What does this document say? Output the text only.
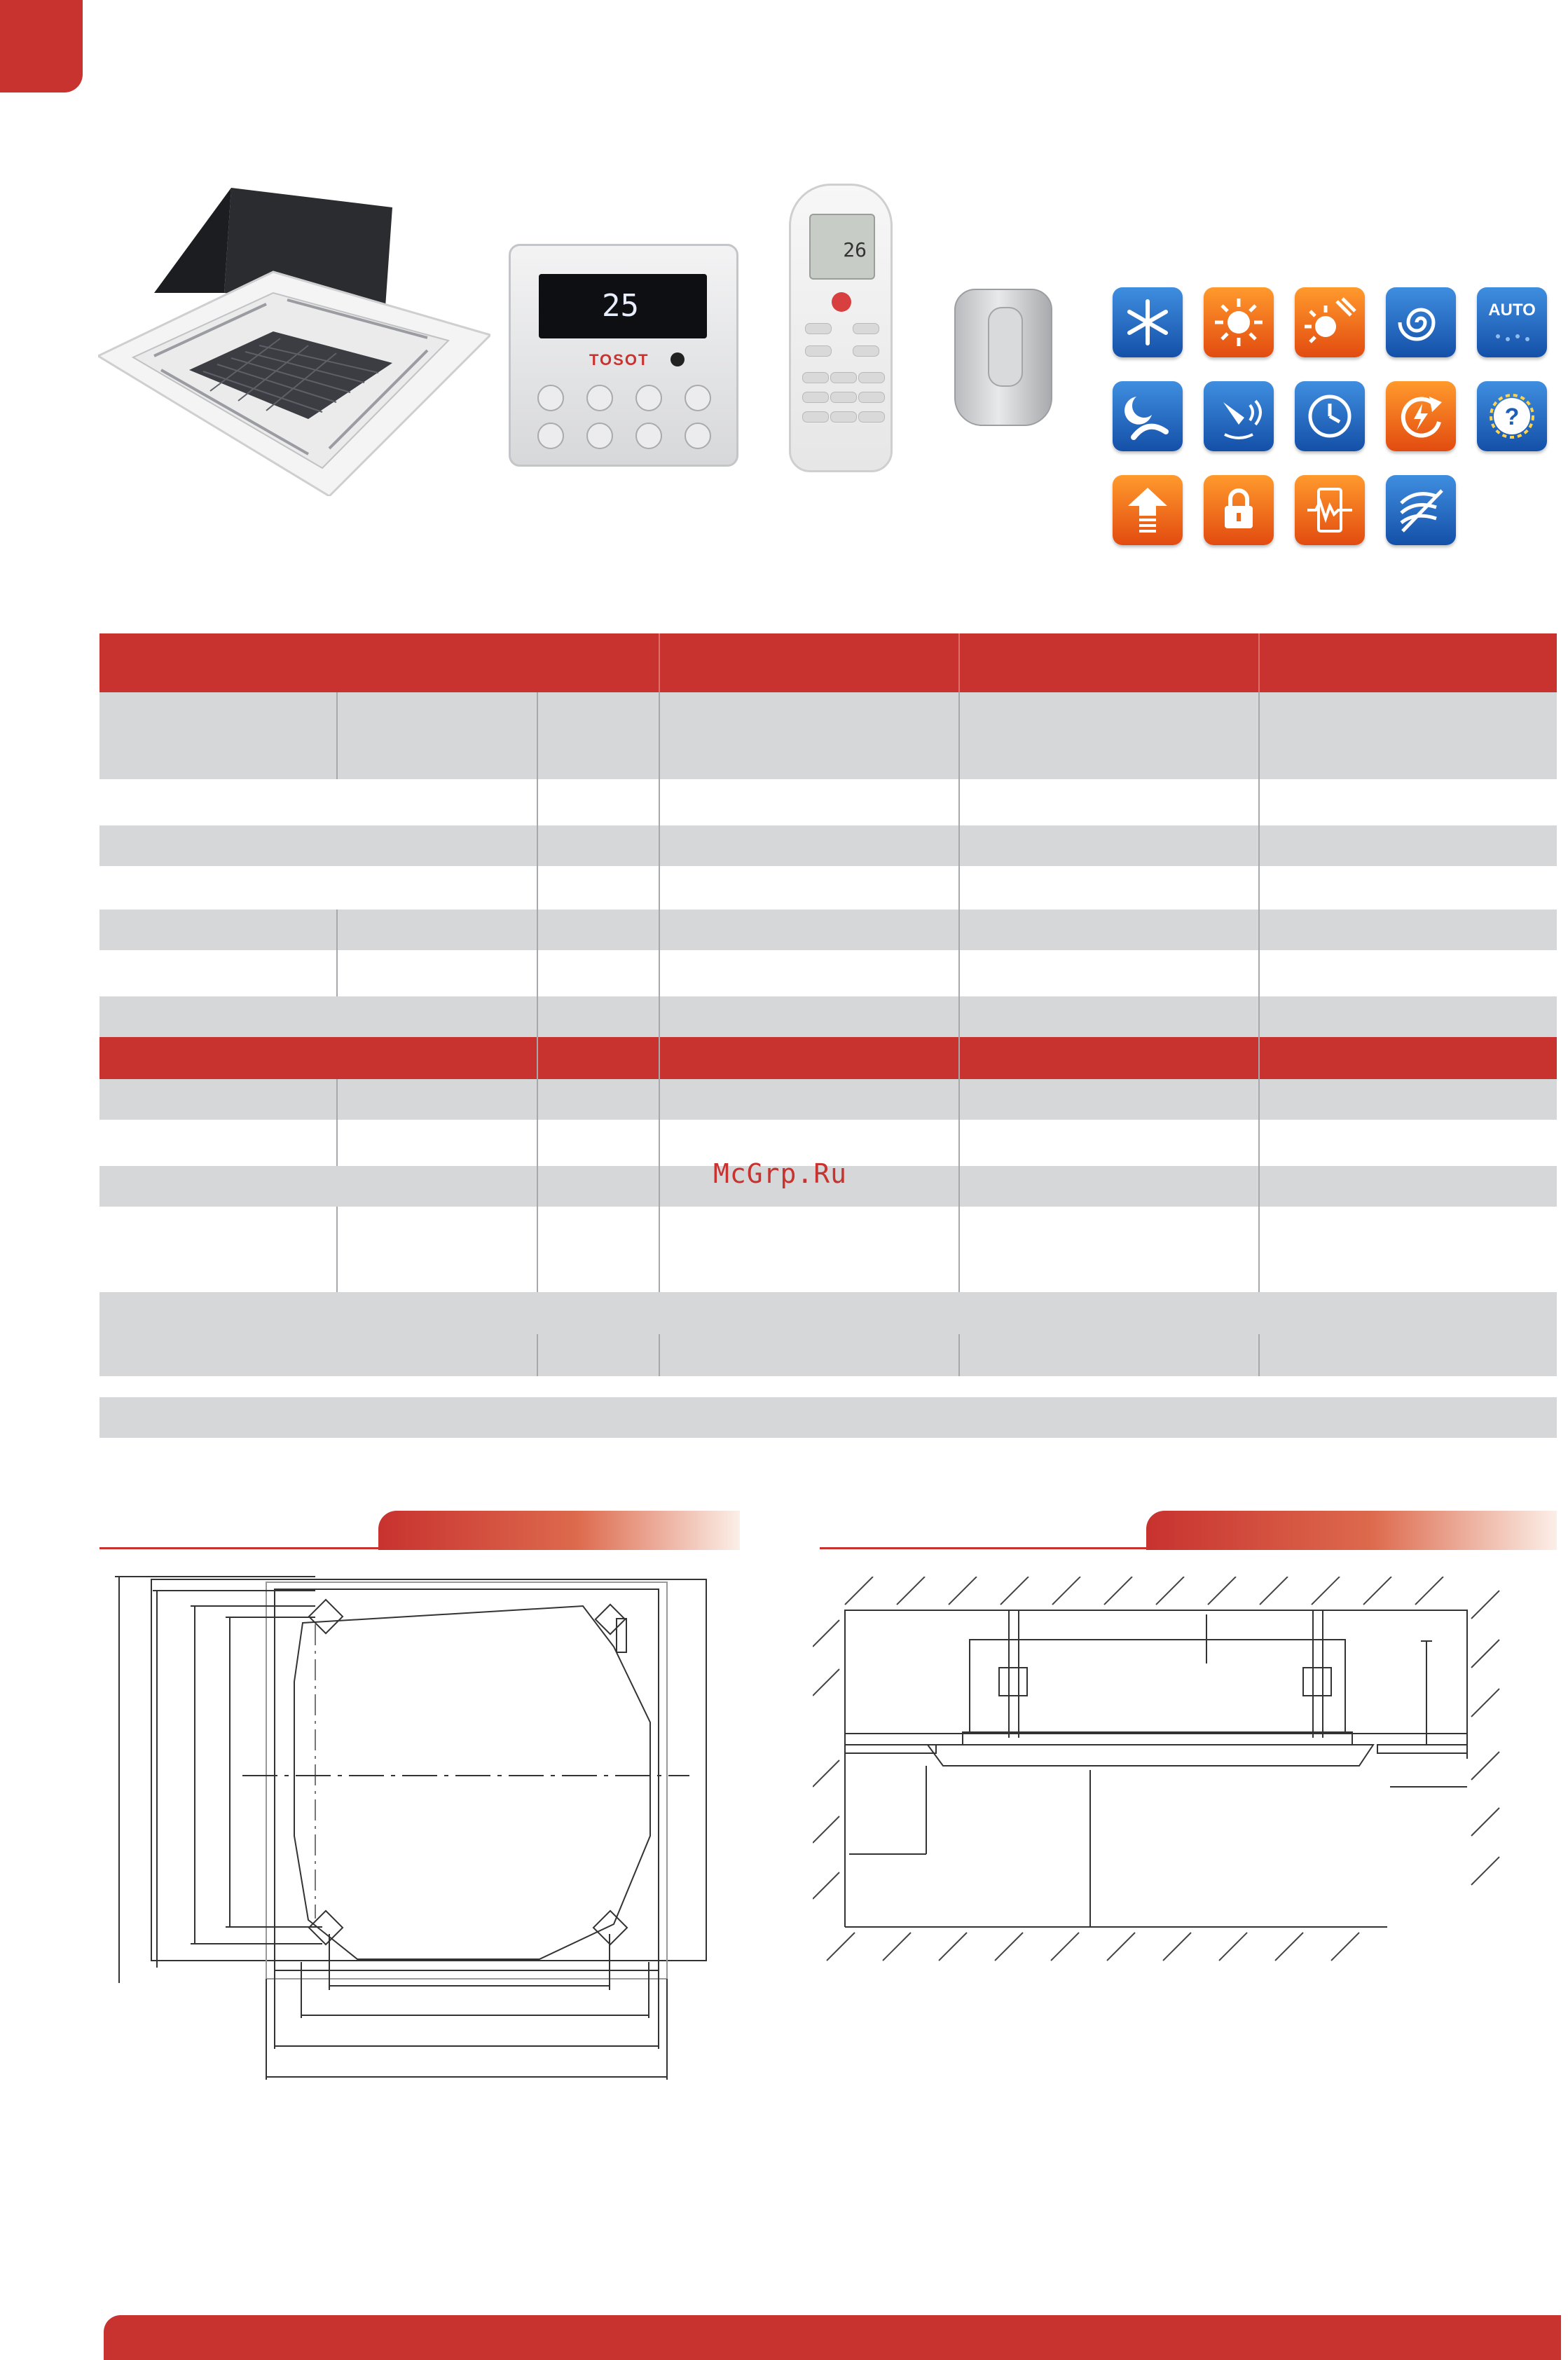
25
TOSOT
26
AUTO
?
McGrp.Ru
